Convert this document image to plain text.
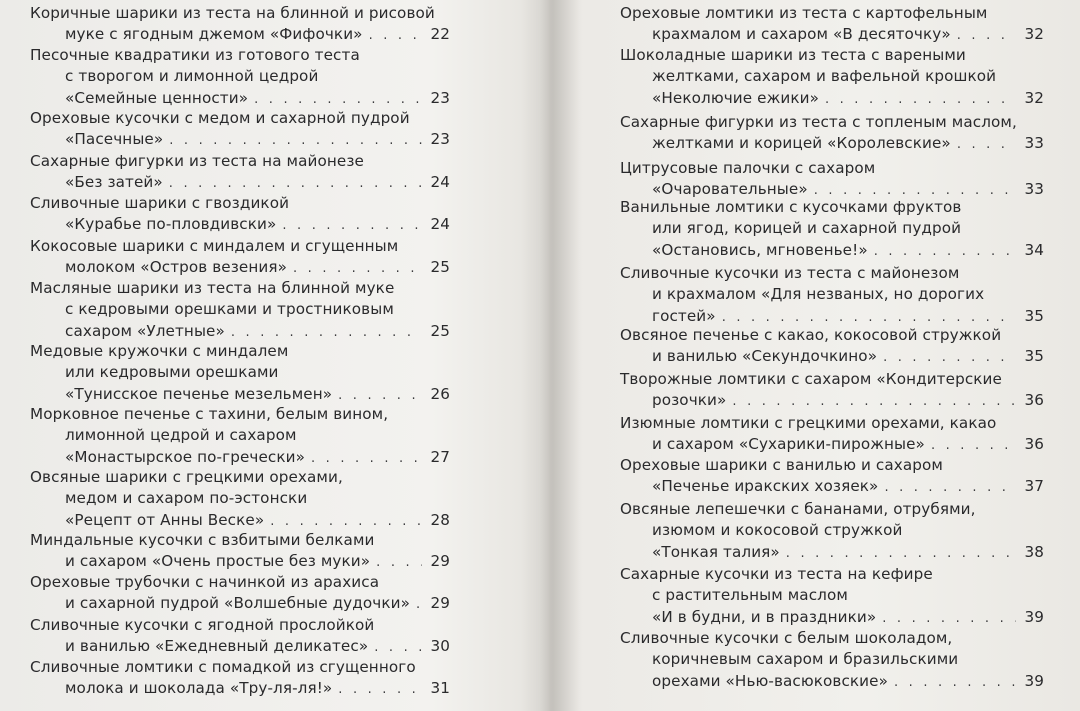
Коричные шарики из теста на блинной и рисовой
муке с ягодным джемом «Фифочки» . . .	22
Песочные квадратики из готового теста
с творогом и лимонной цедрой
«Семейные ценности» . . .	23
Ореховые кусочки с медом и сахарной пудрой
«Пасечные» . . .	23
Сахарные фигурки из теста на майонезе
«Без затей» . . .	24
Сливочные шарики с гвоздикой
«Курабье по-пловдивски» . . .	24
Кокосовые шарики с миндалем и сгущенным
молоком «Остров везения» . . .	25
Масляные шарики из теста на блинной муке
с кедровыми орешками и тростниковым
сахаром «Улетные» . . .	25
Медовые кружочки с миндалем
или кедровыми орешками
«Тунисское печенье мезельмен» . . .	26
Морковное печенье с тахини, белым вином,
лимонной цедрой и сахаром
«Монастырское по-гречески» . . .	27
Овсяные шарики с грецкими орехами,
медом и сахаром по-эстонски
«Рецепт от Анны Веске» . . .	28
Миндальные кусочки с взбитыми белками
и сахаром «Очень простые без муки» . . .	29
Ореховые трубочки с начинкой из арахиса
и сахарной пудрой «Волшебные дудочки» . . . 29
Сливочные кусочки с ягодной прослойкой
и ванилью «Ежедневный деликатес» . . .	30
Сливочные ломтики с помадкой из сгущенного
молока и шоколада «Тру-ля-ля!» . . .	31
Ореховые ломтики из теста с картофельным
крахмалом и сахаром «В десяточку» . . .	32
Шоколадные шарики из теста с вареными
желтками, сахаром и вафельной крошкой
«Неколючие ежики» . . .	32
Сахарные фигурки из теста с топленым маслом,
желтками и корицей «Королевские» . . .	33
Цитрусовые палочки с сахаром
«Очаровательные» . . .	33
Ванильные ломтики с кусочками фруктов
или ягод, корицей и сахарной пудрой
«Остановись, мгновенье!» . . .	34
Сливочные кусочки из теста с майонезом
и крахмалом «Для незваных, но дорогих
гостей» . . .	35
Овсяное печенье с какао, кокосовой стружкой
и ванилью «Секундочкино» . . .	35
Творожные ломтики с сахаром «Кондитерские
розочки» . . .	36
Изюмные ломтики с грецкими орехами, какао
и сахаром «Сухарики-пирожные» . . .	36
Ореховые шарики с ванилью и сахаром
«Печенье иракских хозяек» . . .	37
Овсяные лепешечки с бананами, отрубями,
изюмом и кокосовой стружкой
«Тонкая талия» . . .	38
Сахарные кусочки из теста на кефире
с растительным маслом
«И в будни, и в праздники» . . .	39
Сливочные кусочки с белым шоколадом,
коричневым сахаром и бразильскими
орехами «Нью-васюковские» . . .	39
